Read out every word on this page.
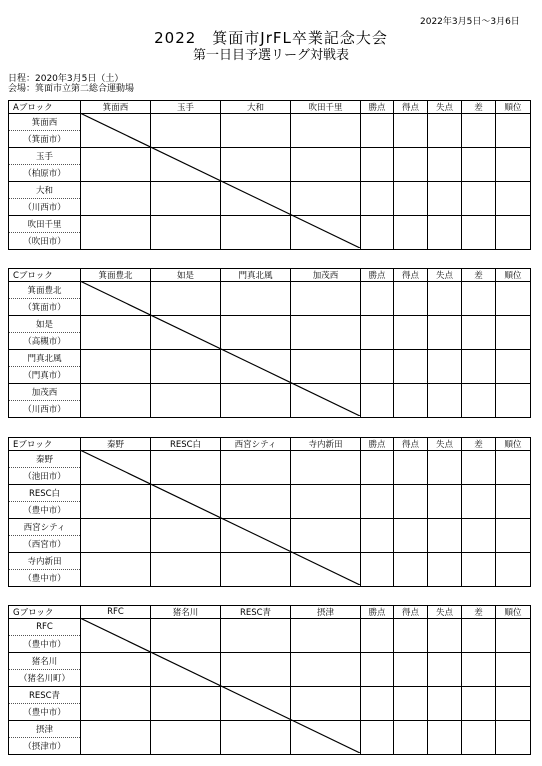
2022年3月5日～3月6日
2022　箕面市JrFL卒業記念大会
第一日目予選リーグ対戦表
日程：2020年3月5日（土）
会場：箕面市立第二総合運動場
Aブロック	箕面西	玉手	大和	吹田千里	勝点	得点	失点	差	順位
箕面西									
（箕面市）									
玉手									
（柏原市）									
大和									
（川西市）									
吹田千里									
（吹田市）									
Cブロック	箕面豊北	如是	門真北風	加茂西	勝点	得点	失点	差	順位
箕面豊北									
（箕面市）									
如是									
（高槻市）									
門真北風									
（門真市）									
加茂西									
（川西市）									
Eブロック	秦野	RESC白	西宮シティ	寺内新田	勝点	得点	失点	差	順位
秦野									
（池田市）									
RESC白									
（豊中市）									
西宮シティ									
（西宮市）									
寺内新田									
（豊中市）									
Gブロック	RFC	猪名川	RESC青	摂津	勝点	得点	失点	差	順位
RFC									
（豊中市）									
猪名川									
（猪名川町）									
RESC青									
（豊中市）									
摂津									
（摂津市）									
